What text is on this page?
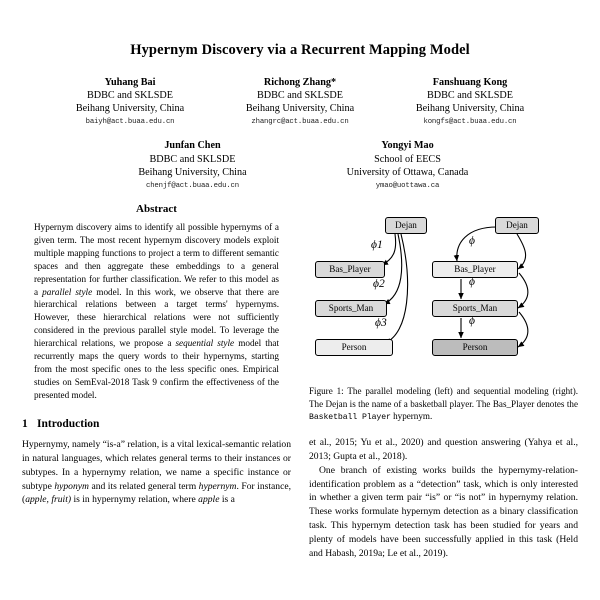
Hypernym Discovery via a Recurrent Mapping Model
Yuhang Bai
BDBC and SKLSDE
Beihang University, China
baiyh@act.buaa.edu.cn
Richong Zhang*
BDBC and SKLSDE
Beihang University, China
zhangrc@act.buaa.edu.cn
Fanshuang Kong
BDBC and SKLSDE
Beihang University, China
kongfs@act.buaa.edu.cn
Junfan Chen
BDBC and SKLSDE
Beihang University, China
chenjf@act.buaa.edu.cn
Yongyi Mao
School of EECS
University of Ottawa, Canada
ymao@uottawa.ca
Abstract

Hypernym discovery aims to identify all possible hypernyms of a given term. The most recent hypernym discovery models exploit multiple mapping functions to project a term to different semantic spaces and then aggregate these embeddings to a general representation for further classification. We refer to this model as a parallel style model. In this work, we observe that there are hierarchical relations between a target terms' hypernyms. However, these hierarchical relations were not sufficiently considered in the previous parallel style model. To leverage the hierarchical relations, we propose a sequential style model that recurrently maps the query words to their hypernyms, starting from the most specific ones to the less specific ones. Empirical studies on SemEval-2018 Task 9 confirm the effectiveness of the presented model.

1 Introduction

Hypernymy, namely “is-a” relation, is a vital lexical-semantic relation in natural languages, which relates general terms to their instances or subtypes. In a hypernymy relation, we name a specific instance or subtype hyponym and its related general term hypernym. For instance, (apple, fruit) is in hypernymy relation, where apple is a

Dejan
Bas_Player
Sports_Man
Person
ϕ1
ϕ2
ϕ3
Dejan
Bas_Player
Sports_Man
Person
ϕ
ϕ
ϕ
Figure 1: The parallel modeling (left) and sequential modeling (right). The Dejan is the name of a basketball player. The Bas_Player denotes the Basketball Player hypernym.

et al., 2015; Yu et al., 2020) and question answering (Yahya et al., 2013; Gupta et al., 2018).

One branch of existing works builds the hypernymy-relation-identification problem as a “detection” task, which is only interested in whether a given term pair “is” or “is not” in hypernymy relation. These works formulate hypernym detection as a binary classification task. This hypernym detection task has been studied for years and plenty of models have been successfully applied in this task (Held and Habash, 2019a; Le et al., 2019).
